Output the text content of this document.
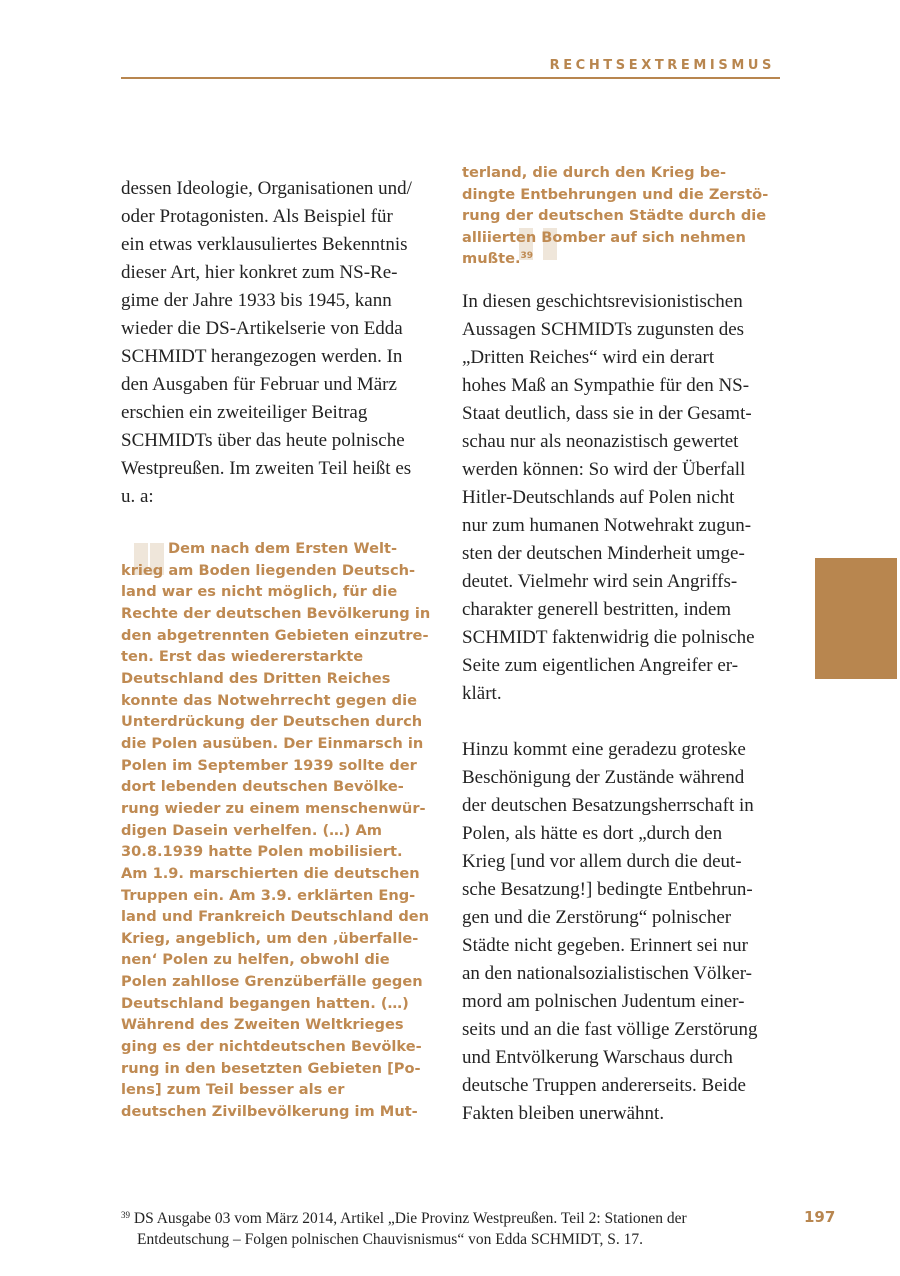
RECHTSEXTREMISMUS
dessen Ideologie, Organisationen und/
oder Protagonisten. Als Beispiel für
ein etwas verklausuliertes Bekenntnis
dieser Art, hier konkret zum NS-Re-
gime der Jahre 1933 bis 1945, kann
wieder die DS-Artikelserie von Edda
SCHMIDT herangezogen werden. In
den Ausgaben für Februar und März
erschien ein zweiteiliger Beitrag
SCHMIDTs über das heute polnische
Westpreußen. Im zweiten Teil heißt es
u. a:
Dem nach dem Ersten Welt-
krieg am Boden liegenden Deutsch-
land war es nicht möglich, für die
Rechte der deutschen Bevölkerung in
den abgetrennten Gebieten einzutre-
ten. Erst das wiedererstarkte
Deutschland des Dritten Reiches
konnte das Notwehrrecht gegen die
Unterdrückung der Deutschen durch
die Polen ausüben. Der Einmarsch in
Polen im September 1939 sollte der
dort lebenden deutschen Bevölke-
rung wieder zu einem menschenwür-
digen Dasein verhelfen. (…) Am
30.8.1939 hatte Polen mobilisiert.
Am 1.9. marschierten die deutschen
Truppen ein. Am 3.9. erklärten Eng-
land und Frankreich Deutschland den
Krieg, angeblich, um den ‚überfalle-
nen‘ Polen zu helfen, obwohl die
Polen zahllose Grenzüberfälle gegen
Deutschland begangen hatten. (…)
Während des Zweiten Weltkrieges
ging es der nichtdeutschen Bevölke-
rung in den besetzten Gebieten [Po-
lens] zum Teil besser als er
deutschen Zivilbevölkerung im Mut-
terland, die durch den Krieg be-
dingte Entbehrungen und die Zerstö-
rung der deutschen Städte durch die
alliierten Bomber auf sich nehmen
mußte.$^{39}$
In diesen geschichtsrevisionistischen
Aussagen SCHMIDTs zugunsten des
„Dritten Reiches“ wird ein derart
hohes Maß an Sympathie für den NS-
Staat deutlich, dass sie in der Gesamt-
schau nur als neonazistisch gewertet
werden können: So wird der Überfall
Hitler-Deutschlands auf Polen nicht
nur zum humanen Notwehrakt zugun-
sten der deutschen Minderheit umge-
deutet. Vielmehr wird sein Angriffs-
charakter generell bestritten, indem
SCHMIDT faktenwidrig die polnische
Seite zum eigentlichen Angreifer er-
klärt.
Hinzu kommt eine geradezu groteske
Beschönigung der Zustände während
der deutschen Besatzungsherrschaft in
Polen, als hätte es dort „durch den
Krieg [und vor allem durch die deut-
sche Besatzung!] bedingte Entbehrun-
gen und die Zerstörung“ polnischer
Städte nicht gegeben. Erinnert sei nur
an den nationalsozialistischen Völker-
mord am polnischen Judentum einer-
seits und an die fast völlige Zerstörung
und Entvölkerung Warschaus durch
deutsche Truppen andererseits. Beide
Fakten bleiben unerwähnt.
$^{39}$ DS Ausgabe 03 vom März 2014, Artikel „Die Provinz Westpreußen. Teil 2: Stationen der
Entdeutschung – Folgen polnischen Chauvisnismus“ von Edda SCHMIDT, S. 17.
197
